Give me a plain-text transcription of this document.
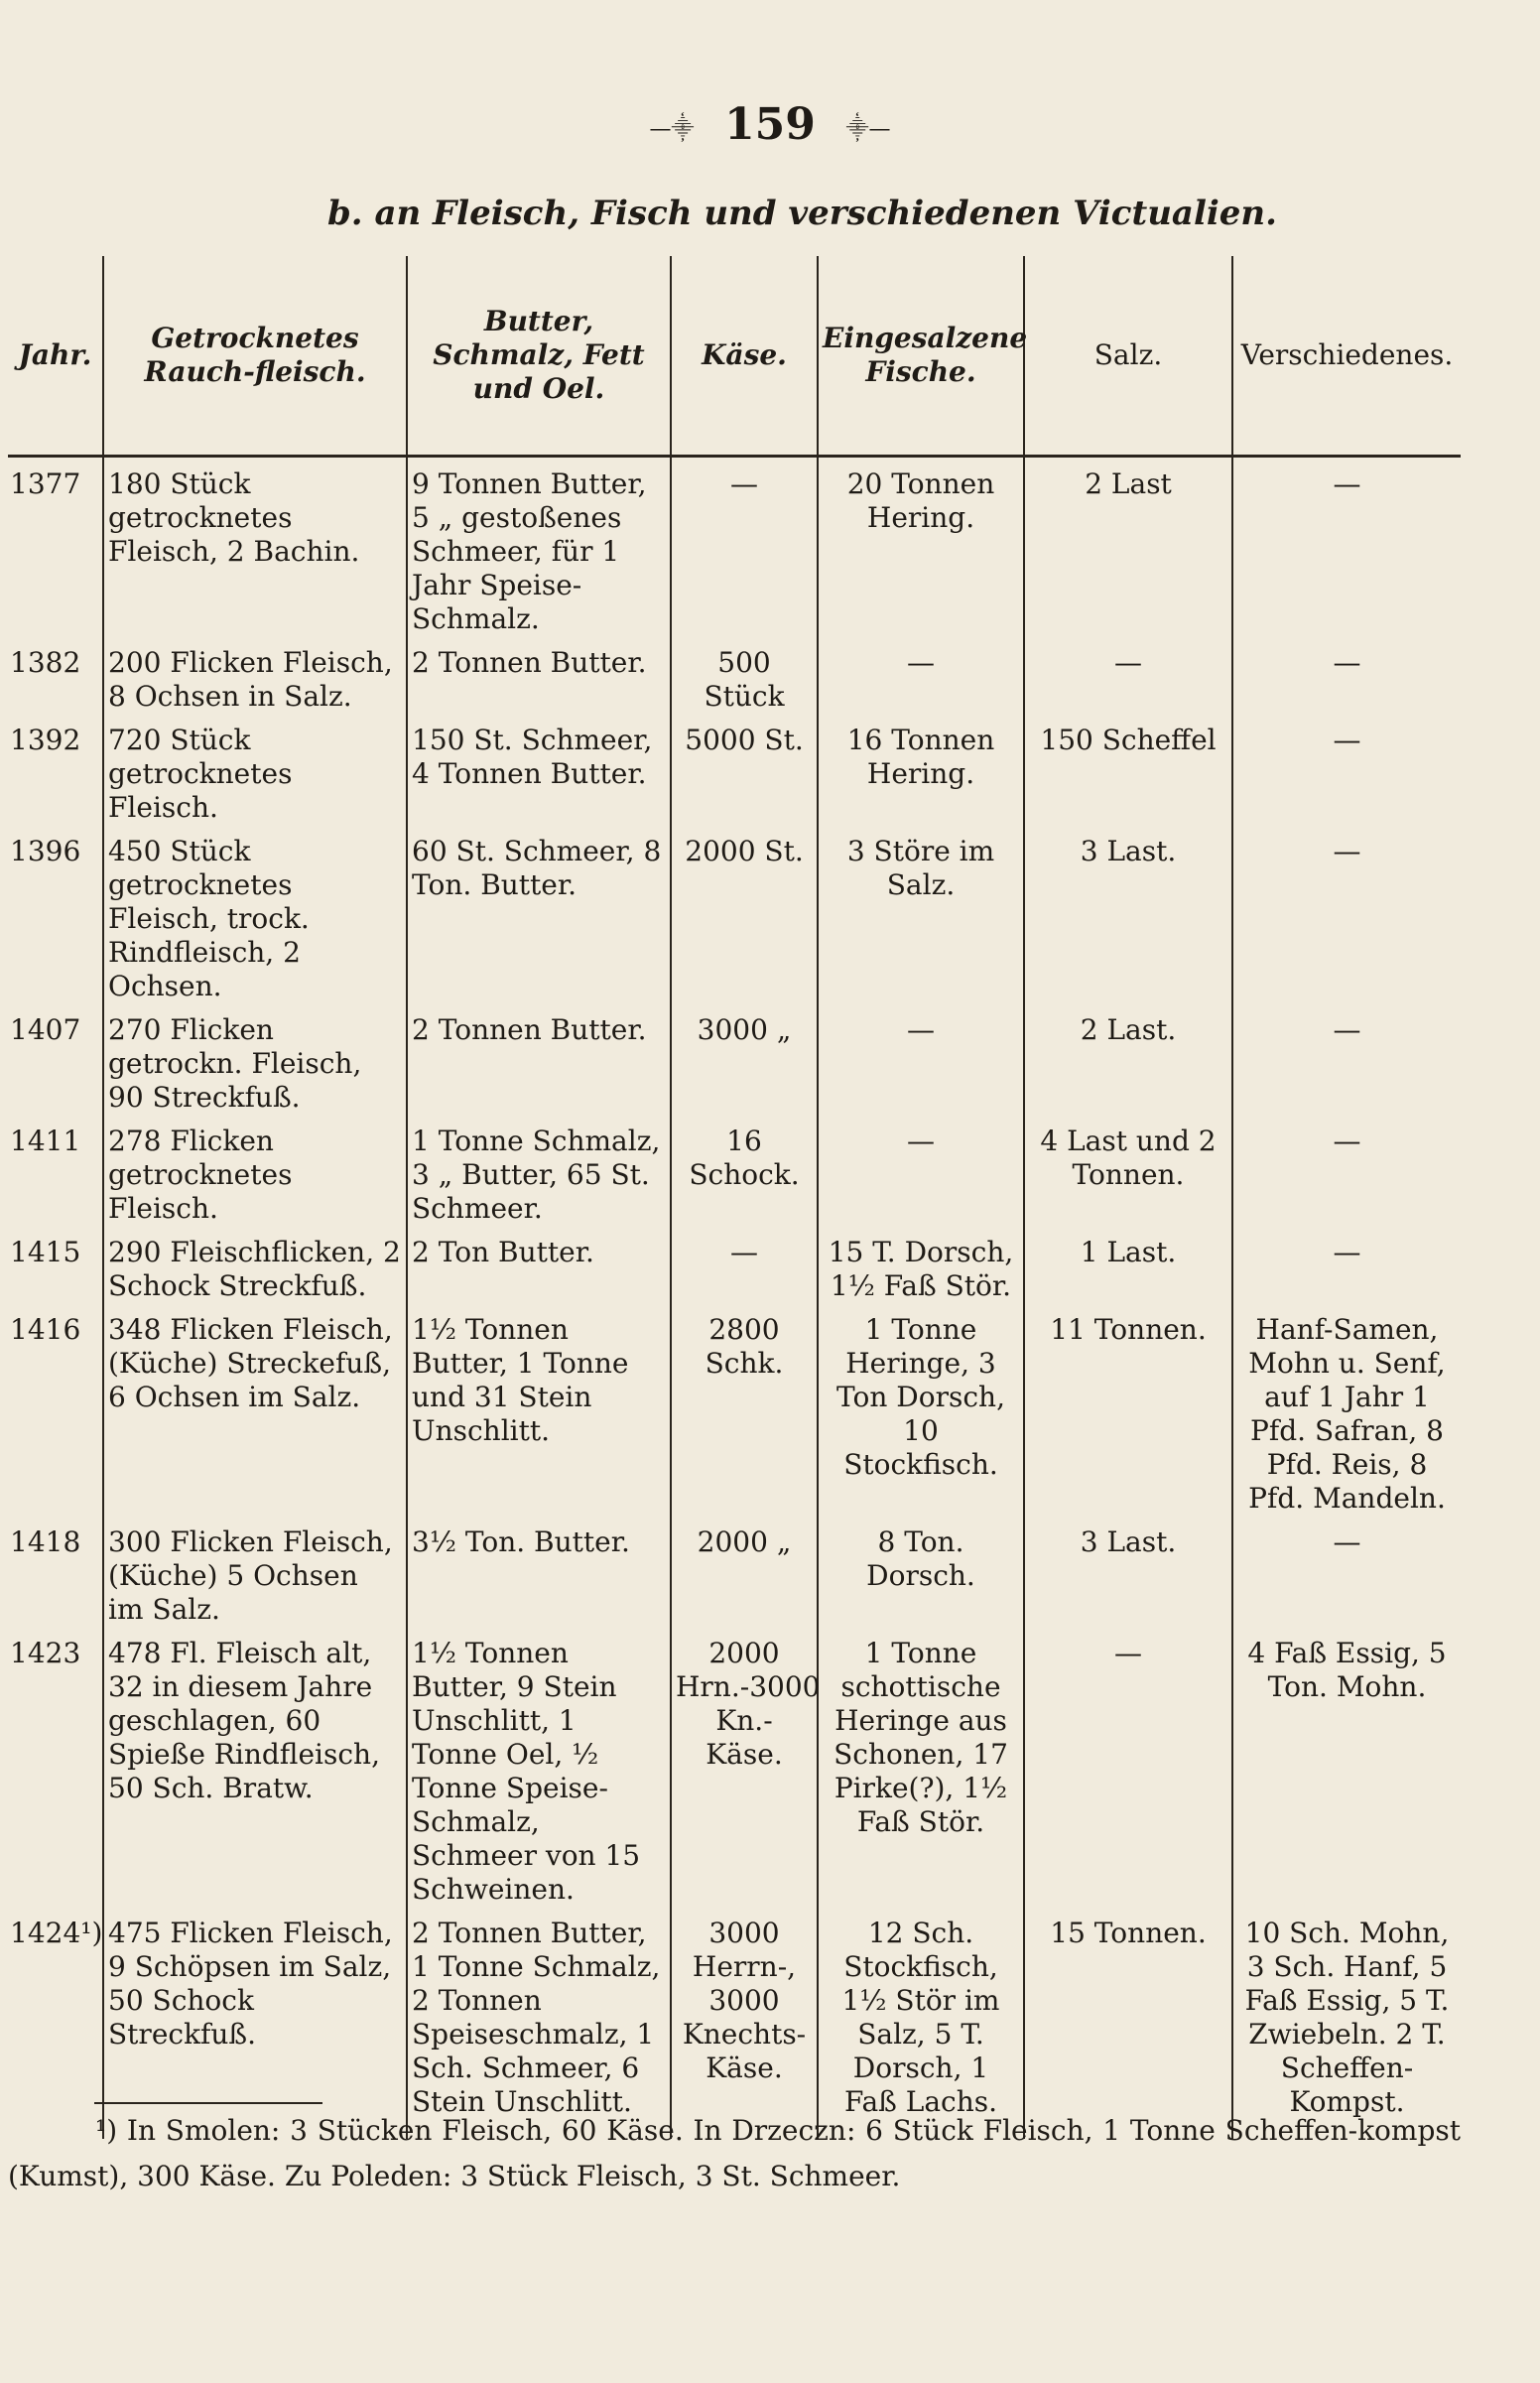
—⸎ 159 ⸎—
b. an Fleisch, Fisch und verschiedenen Victualien.
Jahr.	Getrocknetes Rauch-fleisch.	Butter, Schmalz, Fett und Oel.	Käse.	Eingesalzene Fische.	Salz.	Verschiedenes.
1377	180 Stück getrocknetes Fleisch, 2 Bachin.	9 Tonnen Butter, 5 „ gestoßenes Schmeer, für 1 Jahr Speise-Schmalz.	—	20 Tonnen Hering.	2 Last	—
1382	200 Flicken Fleisch, 8 Ochsen in Salz.	2 Tonnen Butter.	500 Stück	—	—	—
1392	720 Stück getrocknetes Fleisch.	150 St. Schmeer, 4 Tonnen Butter.	5000 St.	16 Tonnen Hering.	150 Scheffel	—
1396	450 Stück getrocknetes Fleisch, trock. Rindfleisch, 2 Ochsen.	60 St. Schmeer, 8 Ton. Butter.	2000 St.	3 Störe im Salz.	3 Last.	—
1407	270 Flicken getrockn. Fleisch, 90 Streckfuß.	2 Tonnen Butter.	3000 „	—	2 Last.	—
1411	278 Flicken getrocknetes Fleisch.	1 Tonne Schmalz, 3 „ Butter, 65 St. Schmeer.	16 Schock.	—	4 Last und 2 Tonnen.	—
1415	290 Fleischflicken, 2 Schock Streckfuß.	2 Ton Butter.	—	15 T. Dorsch, 1½ Faß Stör.	1 Last.	—
1416	348 Flicken Fleisch, (Küche) Streckefuß, 6 Ochsen im Salz.	1½ Tonnen Butter, 1 Tonne und 31 Stein Unschlitt.	2800 Schk.	1 Tonne Heringe, 3 Ton Dorsch, 10 Stockfisch.	11 Tonnen.	Hanf-Samen, Mohn u. Senf, auf 1 Jahr 1 Pfd. Safran, 8 Pfd. Reis, 8 Pfd. Mandeln.
1418	300 Flicken Fleisch, (Küche) 5 Ochsen im Salz.	3½ Ton. Butter.	2000 „	8 Ton. Dorsch.	3 Last.	—
1423	478 Fl. Fleisch alt, 32 in diesem Jahre geschlagen, 60 Spieße Rindfleisch, 50 Sch. Bratw.	1½ Tonnen Butter, 9 Stein Unschlitt, 1 Tonne Oel, ½ Tonne Speise-Schmalz, Schmeer von 15 Schweinen.	2000 Hrn.-3000 Kn.- Käse.	1 Tonne schottische Heringe aus Schonen, 17 Pirke(?), 1½ Faß Stör.	—	4 Faß Essig, 5 Ton. Mohn.
1424¹)	475 Flicken Fleisch, 9 Schöpsen im Salz, 50 Schock Streckfuß.	2 Tonnen Butter, 1 Tonne Schmalz, 2 Tonnen Speiseschmalz, 1 Sch. Schmeer, 6 Stein Unschlitt.	3000 Herrn-, 3000 Knechts- Käse.	12 Sch. Stockfisch, 1½ Stör im Salz, 5 T. Dorsch, 1 Faß Lachs.	15 Tonnen.	10 Sch. Mohn, 3 Sch. Hanf, 5 Faß Essig, 5 T. Zwiebeln. 2 T. Scheffen-Kompst.
¹) In Smolen: 3 Stücken Fleisch, 60 Käse. In Drzeczn: 6 Stück Fleisch, 1 Tonne Scheffen-kompst (Kumst), 300 Käse. Zu Poleden: 3 Stück Fleisch, 3 St. Schmeer.
